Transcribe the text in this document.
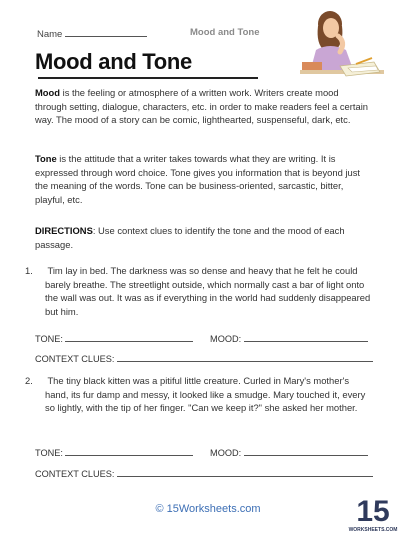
Name	Mood and Tone
Mood and Tone
Mood is the feeling or atmosphere of a written work. Writers create mood through setting, dialogue, characters, etc. in order to make readers feel a certain way. The mood of a story can be comic, lighthearted, suspenseful, dark, etc.
Tone is the attitude that a writer takes towards what they are writing. It is expressed through word choice. Tone gives you information that is beyond just the meaning of the words. Tone can be business-oriented, sarcastic, bitter, playful, etc.
DIRECTIONS: Use context clues to identify the tone and the mood of each passage.
1. Tim lay in bed. The darkness was so dense and heavy that he felt he could barely breathe. The streetlight outside, which normally cast a bar of light onto the wall was out. It was as if everything in the world had suddenly disappeared but him.
TONE:	MOOD:
CONTEXT CLUES:
2. The tiny black kitten was a pitiful little creature. Curled in Mary's mother's hand, its fur damp and messy, it looked like a smudge. Mary touched it, every so lightly, with the tip of her finger. "Can we keep it?" she asked her mother.
TONE:	MOOD:
CONTEXT CLUES:
© 15Worksheets.com	15
WORKSHEETS.COM
